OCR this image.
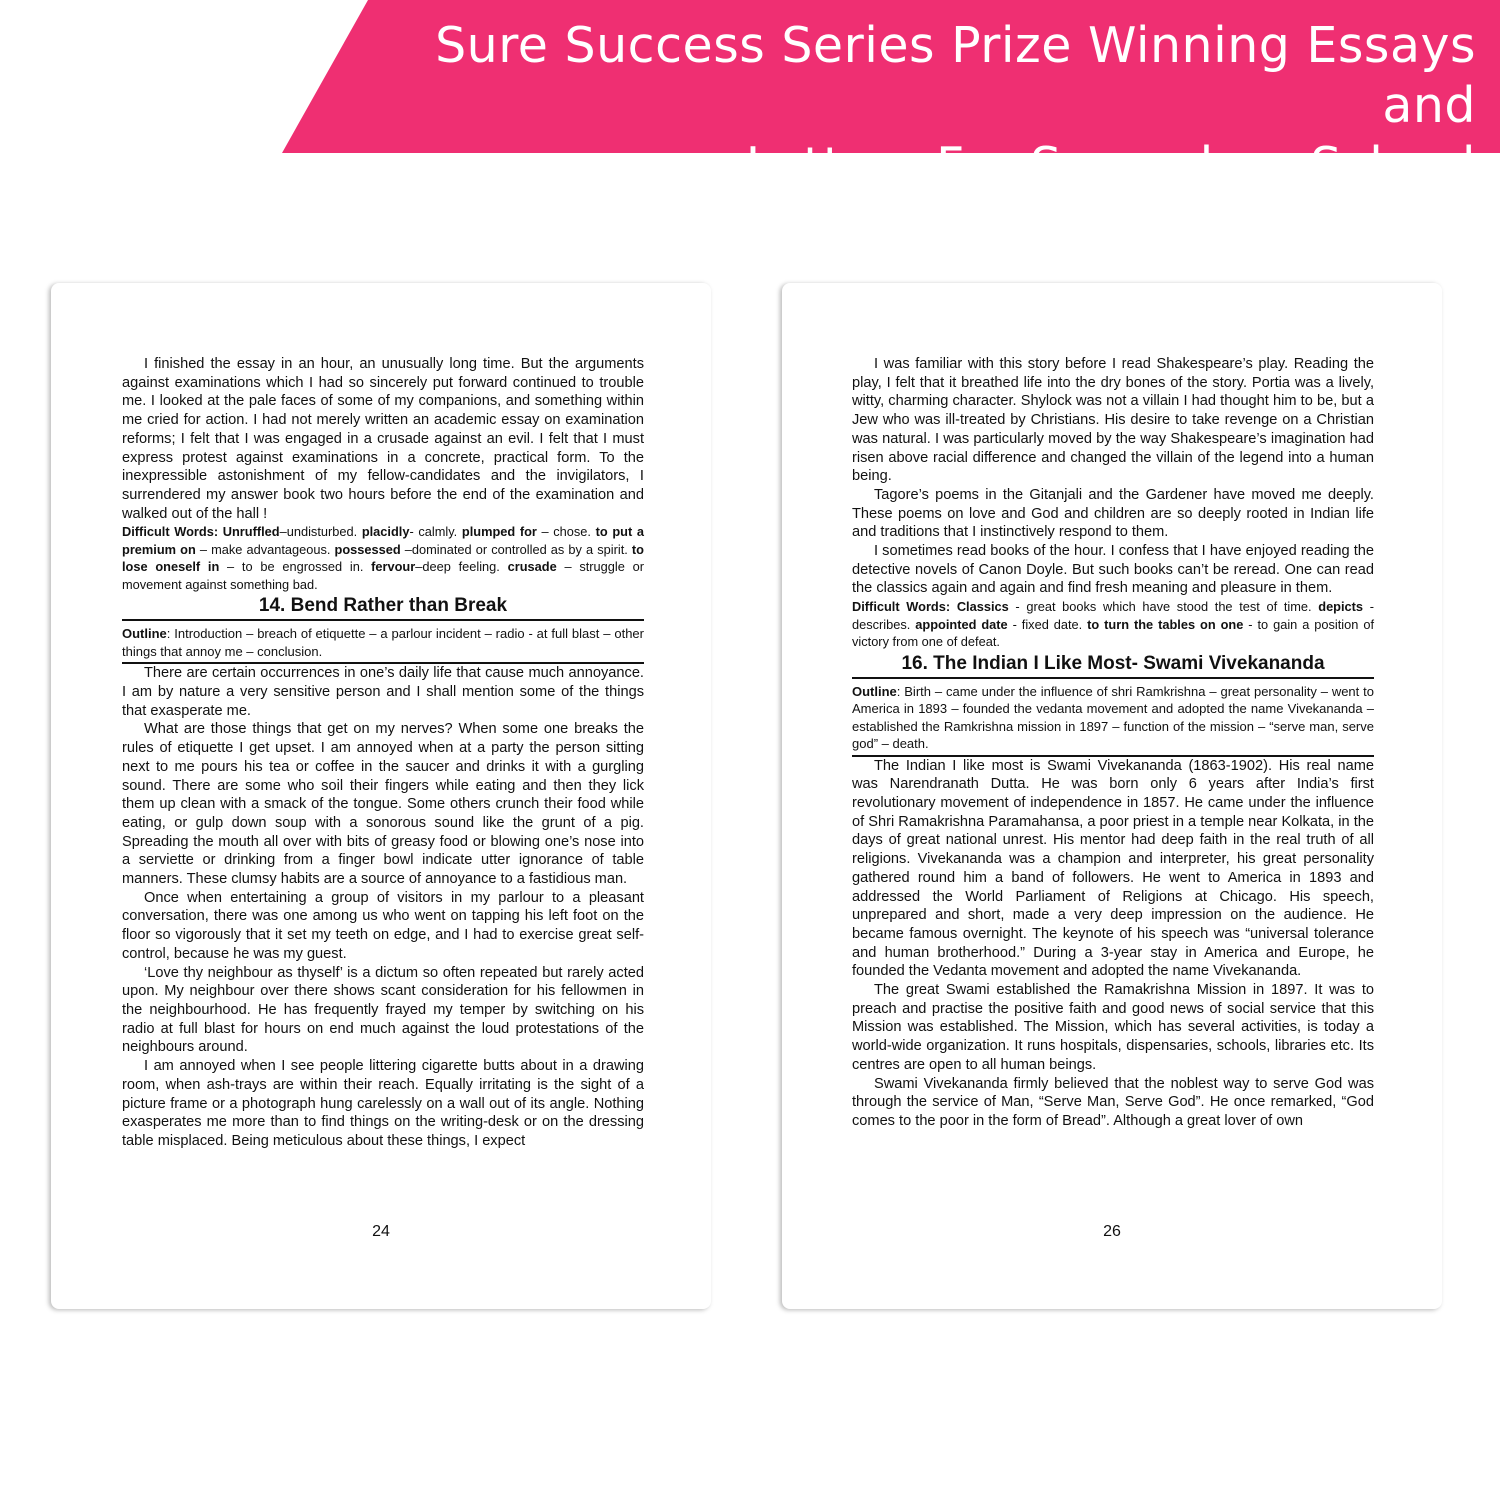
Sure Success Series Prize Winning Essays and
Letters For Secondary School

I finished the essay in an hour, an unusually long time. But the arguments against examinations which I had so sincerely put forward continued to trouble me. I looked at the pale faces of some of my companions, and something within me cried for action. I had not merely written an academic essay on examination reforms; I felt that I was engaged in a crusade against an evil. I felt that I must express protest against examinations in a concrete, practical form. To the inexpressible astonishment of my fellow-candidates and the invigilators, I surrendered my answer book two hours before the end of the examination and walked out of the hall !

Difficult Words: Unruffled–undisturbed. placidly- calmly. plumped for – chose. to put a premium on – make advantageous. possessed –dominated or controlled as by a spirit. to lose oneself in – to be engrossed in. fervour–deep feeling. crusade – struggle or movement against something bad.

14. Bend Rather than Break

Outline: Introduction – breach of etiquette – a parlour incident – radio - at full blast – other things that annoy me – conclusion.

There are certain occurrences in one’s daily life that cause much annoyance. I am by nature a very sensitive person and I shall mention some of the things that exasperate me.

What are those things that get on my nerves? When some one breaks the rules of etiquette I get upset. I am annoyed when at a party the person sitting next to me pours his tea or coffee in the saucer and drinks it with a gurgling sound. There are some who soil their fingers while eating and then they lick them up clean with a smack of the tongue. Some others crunch their food while eating, or gulp down soup with a sonorous sound like the grunt of a pig. Spreading the mouth all over with bits of greasy food or blowing one’s nose into a serviette or drinking from a finger bowl indicate utter ignorance of table manners. These clumsy habits are a source of annoyance to a fastidious man.

Once when entertaining a group of visitors in my parlour to a pleasant conversation, there was one among us who went on tapping his left foot on the floor so vigorously that it set my teeth on edge, and I had to exercise great self-control, because he was my guest.

‘Love thy neighbour as thyself’ is a dictum so often repeated but rarely acted upon. My neighbour over there shows scant consideration for his fellowmen in the neighbourhood. He has frequently frayed my temper by switching on his radio at full blast for hours on end much against the loud protestations of the neighbours around.

I am annoyed when I see people littering cigarette butts about in a drawing room, when ash-trays are within their reach. Equally irritating is the sight of a picture frame or a photograph hung carelessly on a wall out of its angle. Nothing exasperates me more than to find things on the writing-desk or on the dressing table misplaced. Being meticulous about these things, I expect

24

I was familiar with this story before I read Shakespeare’s play. Reading the play, I felt that it breathed life into the dry bones of the story. Portia was a lively, witty, charming character. Shylock was not a villain I had thought him to be, but a Jew who was ill-treated by Christians. His desire to take revenge on a Christian was natural. I was particularly moved by the way Shakespeare’s imagination had risen above racial difference and changed the villain of the legend into a human being.

Tagore’s poems in the Gitanjali and the Gardener have moved me deeply. These poems on love and God and children are so deeply rooted in Indian life and traditions that I instinctively respond to them.

I sometimes read books of the hour. I confess that I have enjoyed reading the detective novels of Canon Doyle. But such books can’t be reread. One can read the classics again and again and find fresh meaning and pleasure in them.

Difficult Words: Classics - great books which have stood the test of time. depicts - describes. appointed date - fixed date. to turn the tables on one - to gain a position of victory from one of defeat.

16. The Indian I Like Most- Swami Vivekananda

Outline: Birth – came under the influence of shri Ramkrishna – great personality – went to America in 1893 – founded the vedanta movement and adopted the name Vivekananda – established the Ramkrishna mission in 1897 – function of the mission – “serve man, serve god” – death.

The Indian I like most is Swami Vivekananda (1863-1902). His real name was Narendranath Dutta. He was born only 6 years after India’s first revolutionary movement of independence in 1857. He came under the influence of Shri Ramakrishna Paramahansa, a poor priest in a temple near Kolkata, in the days of great national unrest. His mentor had deep faith in the real truth of all religions. Vivekananda was a champion and interpreter, his great personality gathered round him a band of followers. He went to America in 1893 and addressed the World Parliament of Religions at Chicago. His speech, unprepared and short, made a very deep impression on the audience. He became famous overnight. The keynote of his speech was “universal tolerance and human brotherhood.” During a 3-year stay in America and Europe, he founded the Vedanta movement and adopted the name Vivekananda.

The great Swami established the Ramakrishna Mission in 1897. It was to preach and practise the positive faith and good news of social service that this Mission was established. The Mission, which has several activities, is today a world-wide organization. It runs hospitals, dispensaries, schools, libraries etc. Its centres are open to all human beings.

Swami Vivekananda firmly believed that the noblest way to serve God was through the service of Man, “Serve Man, Serve God”. He once remarked, “God comes to the poor in the form of Bread”. Although a great lover of own

26
